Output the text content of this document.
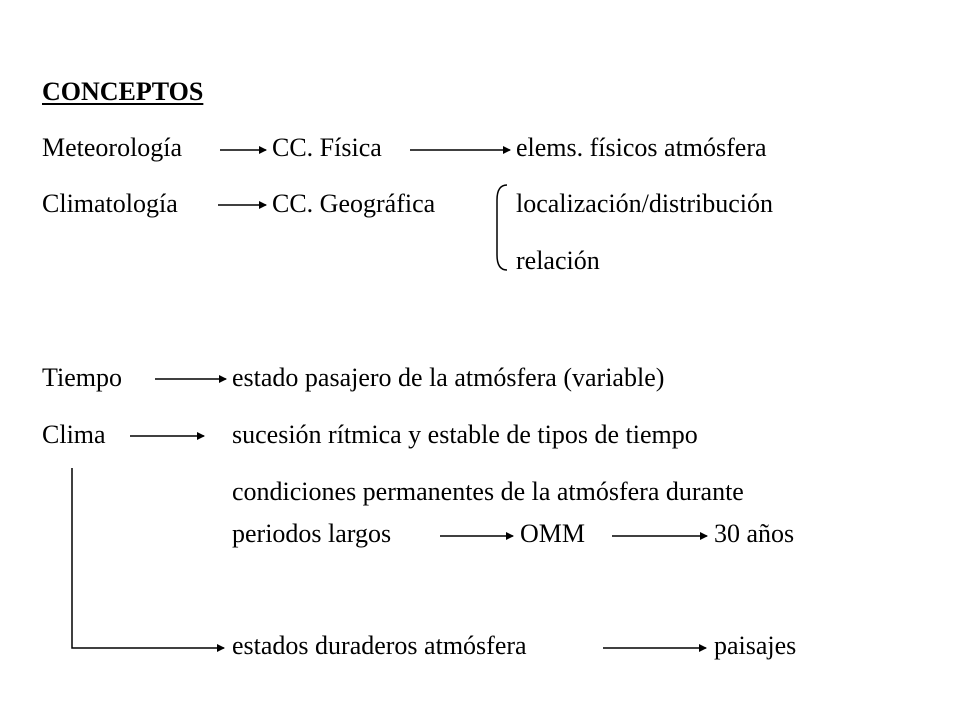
CONCEPTOS
Meteorología	CC. Física	elems. físicos atmósfera
Climatología	CC. Geográfica	localización/distribución
relación
Tiempo	estado pasajero de la atmósfera (variable)
Clima	sucesión rítmica y estable de tipos de tiempo
condiciones permanentes de la atmósfera durante
periodos largos	OMM	30 años
estados duraderos atmósfera	paisajes
